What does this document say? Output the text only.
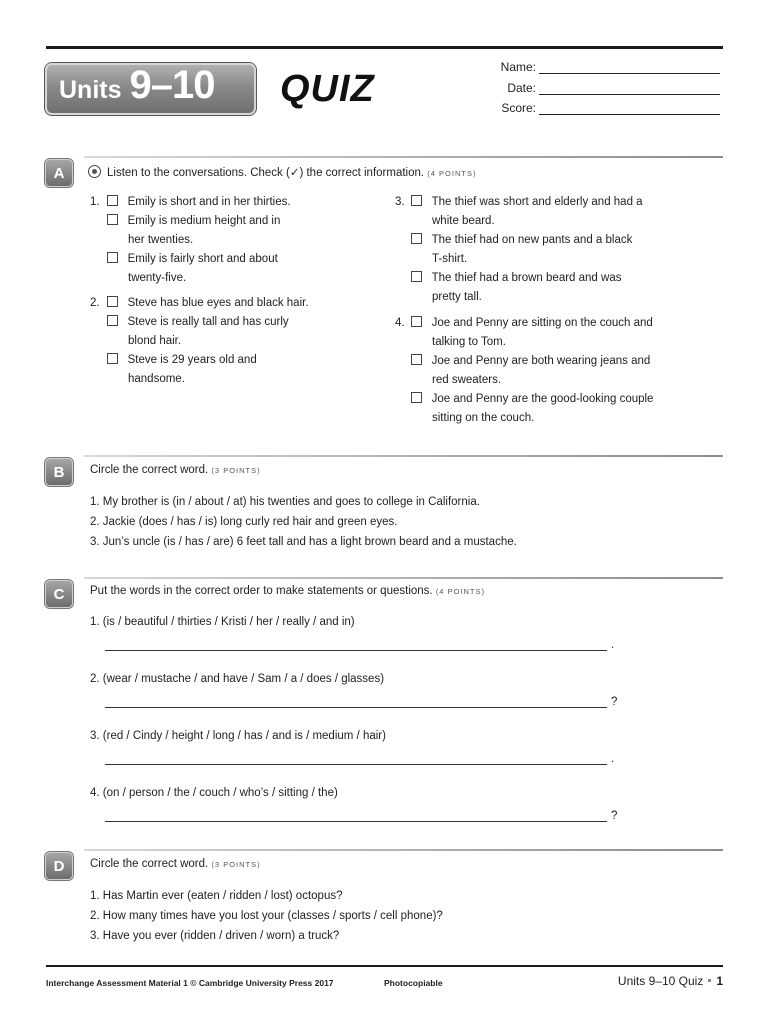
Units 9–10 QUIZ
Name:
Date:
Score:
A	Listen to the conversations. Check (✓) the correct information. (4 POINTS)
1.	Emily is short and in her thirties.
Emily is medium height and in
her twenties.
Emily is fairly short and about
twenty-five.
2.	Steve has blue eyes and black hair.
Steve is really tall and has curly
blond hair.
Steve is 29 years old and
handsome.
3.	The thief was short and elderly and had a
white beard.
The thief had on new pants and a black
T-shirt.
The thief had a brown beard and was
pretty tall.
4.	Joe and Penny are sitting on the couch and
talking to Tom.
Joe and Penny are both wearing jeans and
red sweaters.
Joe and Penny are the good-looking couple
sitting on the couch.
B	Circle the correct word. (3 POINTS)
1. My brother is (in / about / at) his twenties and goes to college in California.
2. Jackie (does / has / is) long curly red hair and green eyes.
3. Jun’s uncle (is / has / are) 6 feet tall and has a light brown beard and a mustache.
C	Put the words in the correct order to make statements or questions. (4 POINTS)
1. (is / beautiful / thirties / Kristi / her / really / and in)
.
2. (wear / mustache / and have / Sam / a / does / glasses)
?
3. (red / Cindy / height / long / has / and is / medium / hair)
.
4. (on / person / the / couch / who’s / sitting / the)
?
D	Circle the correct word. (3 POINTS)
1. Has Martin ever (eaten / ridden / lost) octopus?
2. How many times have you lost your (classes / sports / cell phone)?
3. Have you ever (ridden / driven / worn) a truck?
Interchange Assessment Material 1 © Cambridge University Press 2017	Photocopiable	Units 9–10 Quiz 1
